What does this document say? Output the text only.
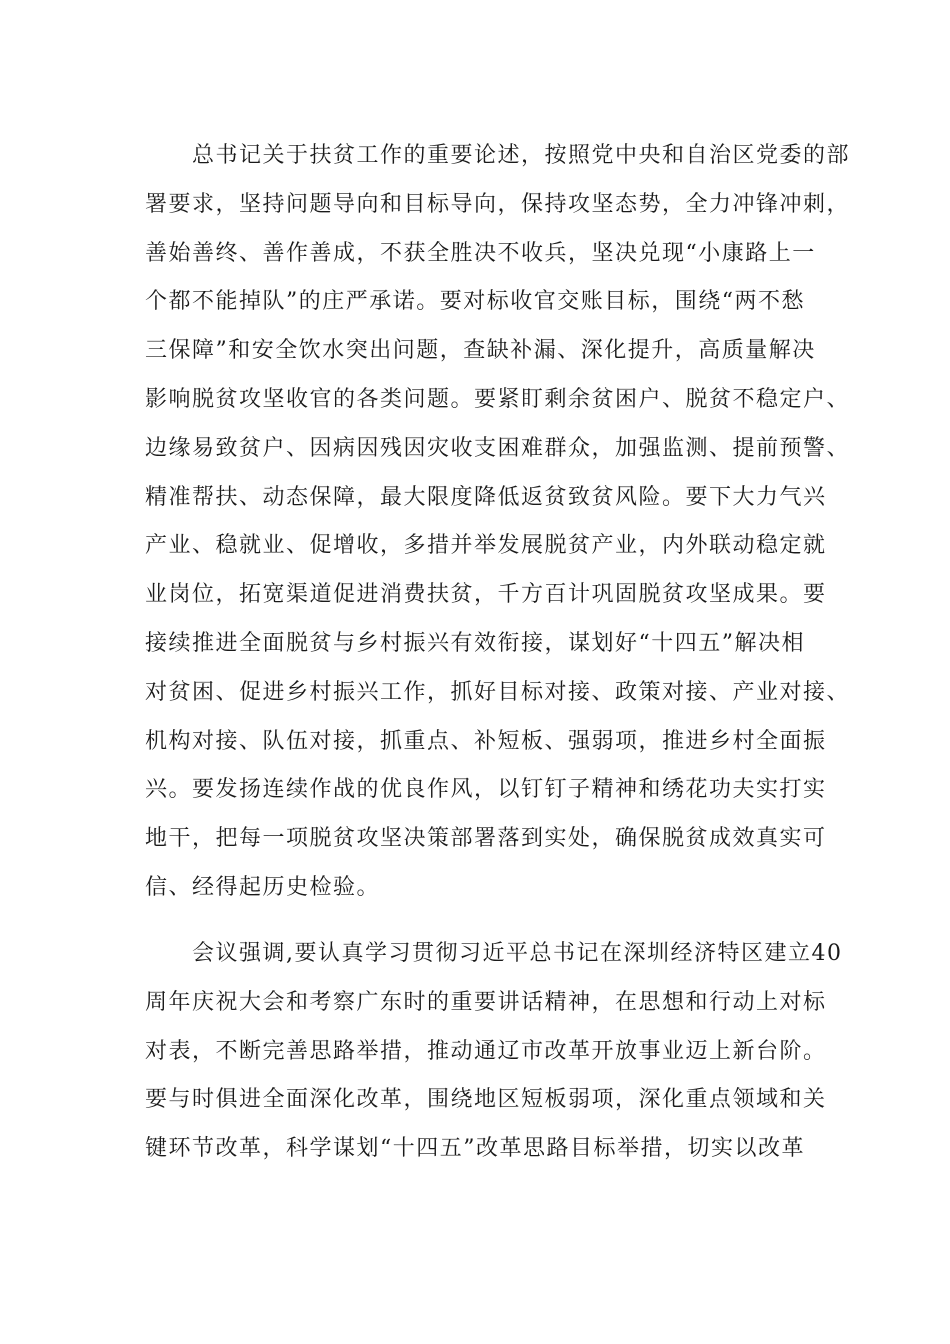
　　总书记关于扶贫工作的重要论述，按照党中央和自治区党委的部
署要求，坚持问题导向和目标导向，保持攻坚态势，全力冲锋冲刺，
善始善终、善作善成，不获全胜决不收兵，坚决兑现“小康路上一
个都不能掉队”的庄严承诺。要对标收官交账目标，围绕“两不愁
三保障”和安全饮水突出问题，查缺补漏、深化提升，高质量解决
影响脱贫攻坚收官的各类问题。要紧盯剩余贫困户、脱贫不稳定户、
边缘易致贫户、因病因残因灾收支困难群众，加强监测、提前预警、
精准帮扶、动态保障，最大限度降低返贫致贫风险。要下大力气兴
产业、稳就业、促增收，多措并举发展脱贫产业，内外联动稳定就
业岗位，拓宽渠道促进消费扶贫，千方百计巩固脱贫攻坚成果。要
接续推进全面脱贫与乡村振兴有效衔接，谋划好“十四五”解决相
对贫困、促进乡村振兴工作，抓好目标对接、政策对接、产业对接、
机构对接、队伍对接，抓重点、补短板、强弱项，推进乡村全面振
兴。要发扬连续作战的优良作风，以钉钉子精神和绣花功夫实打实
地干，把每一项脱贫攻坚决策部署落到实处，确保脱贫成效真实可
信、经得起历史检验。
　　会议强调,要认真学习贯彻习近平总书记在深圳经济特区建立40
周年庆祝大会和考察广东时的重要讲话精神，在思想和行动上对标
对表，不断完善思路举措，推动通辽市改革开放事业迈上新台阶。
要与时俱进全面深化改革，围绕地区短板弱项，深化重点领域和关
键环节改革，科学谋划“十四五”改革思路目标举措，切实以改革
